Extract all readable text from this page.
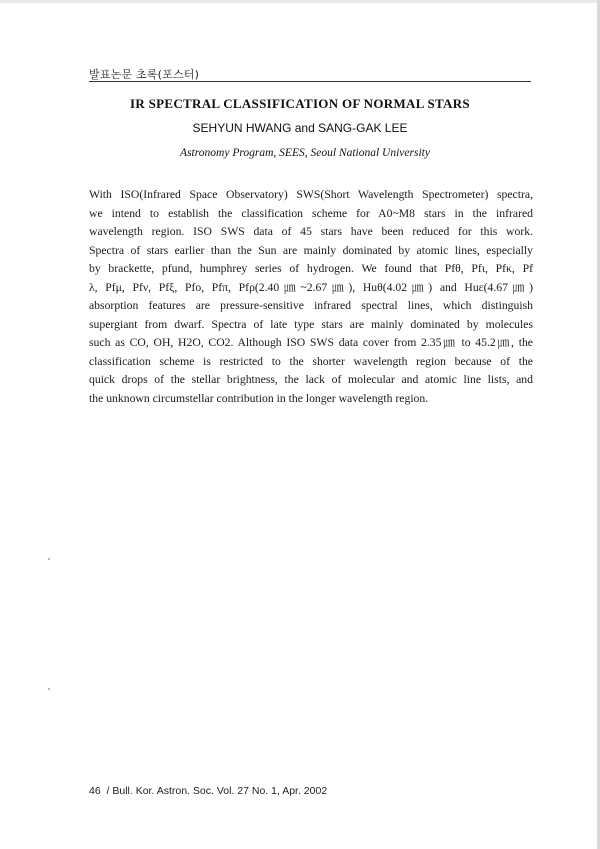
발표논문 초록(포스터)
IR SPECTRAL CLASSIFICATION OF NORMAL STARS
SEHYUN HWANG and SANG-GAK LEE
Astronomy Program, SEES, Seoul National University
With ISO(Infrared Space Observatory) SWS(Short Wavelength Spectrometer) spectra,
we intend to establish the classification scheme for A0~M8 stars in the infrared
wavelength region. ISO SWS data of 45 stars have been reduced for this work.
Spectra of stars earlier than the Sun are mainly dominated by atomic lines, especially
by brackette, pfund, humphrey series of hydrogen. We found that Pfθ, Pfι, Pfκ, Pf
λ, Pfμ, Pfν, Pfξ, Pfο, Pfπ, Pfρ(2.40㎛~2.67㎛), Huθ(4.02㎛) and Huε(4.67㎛)
absorption features are pressure-sensitive infrared spectral lines, which distinguish
supergiant from dwarf. Spectra of late type stars are mainly dominated by molecules
such as CO, OH, H2O, CO2. Although ISO SWS data cover from 2.35㎛ to 45.2㎛, the
classification scheme is restricted to the shorter wavelength region because of the
quick drops of the stellar brightness, the lack of molecular and atomic line lists, and
the unknown circumstellar contribution in the longer wavelength region.
46 / Bull. Kor. Astron. Soc. Vol. 27 No. 1, Apr. 2002
